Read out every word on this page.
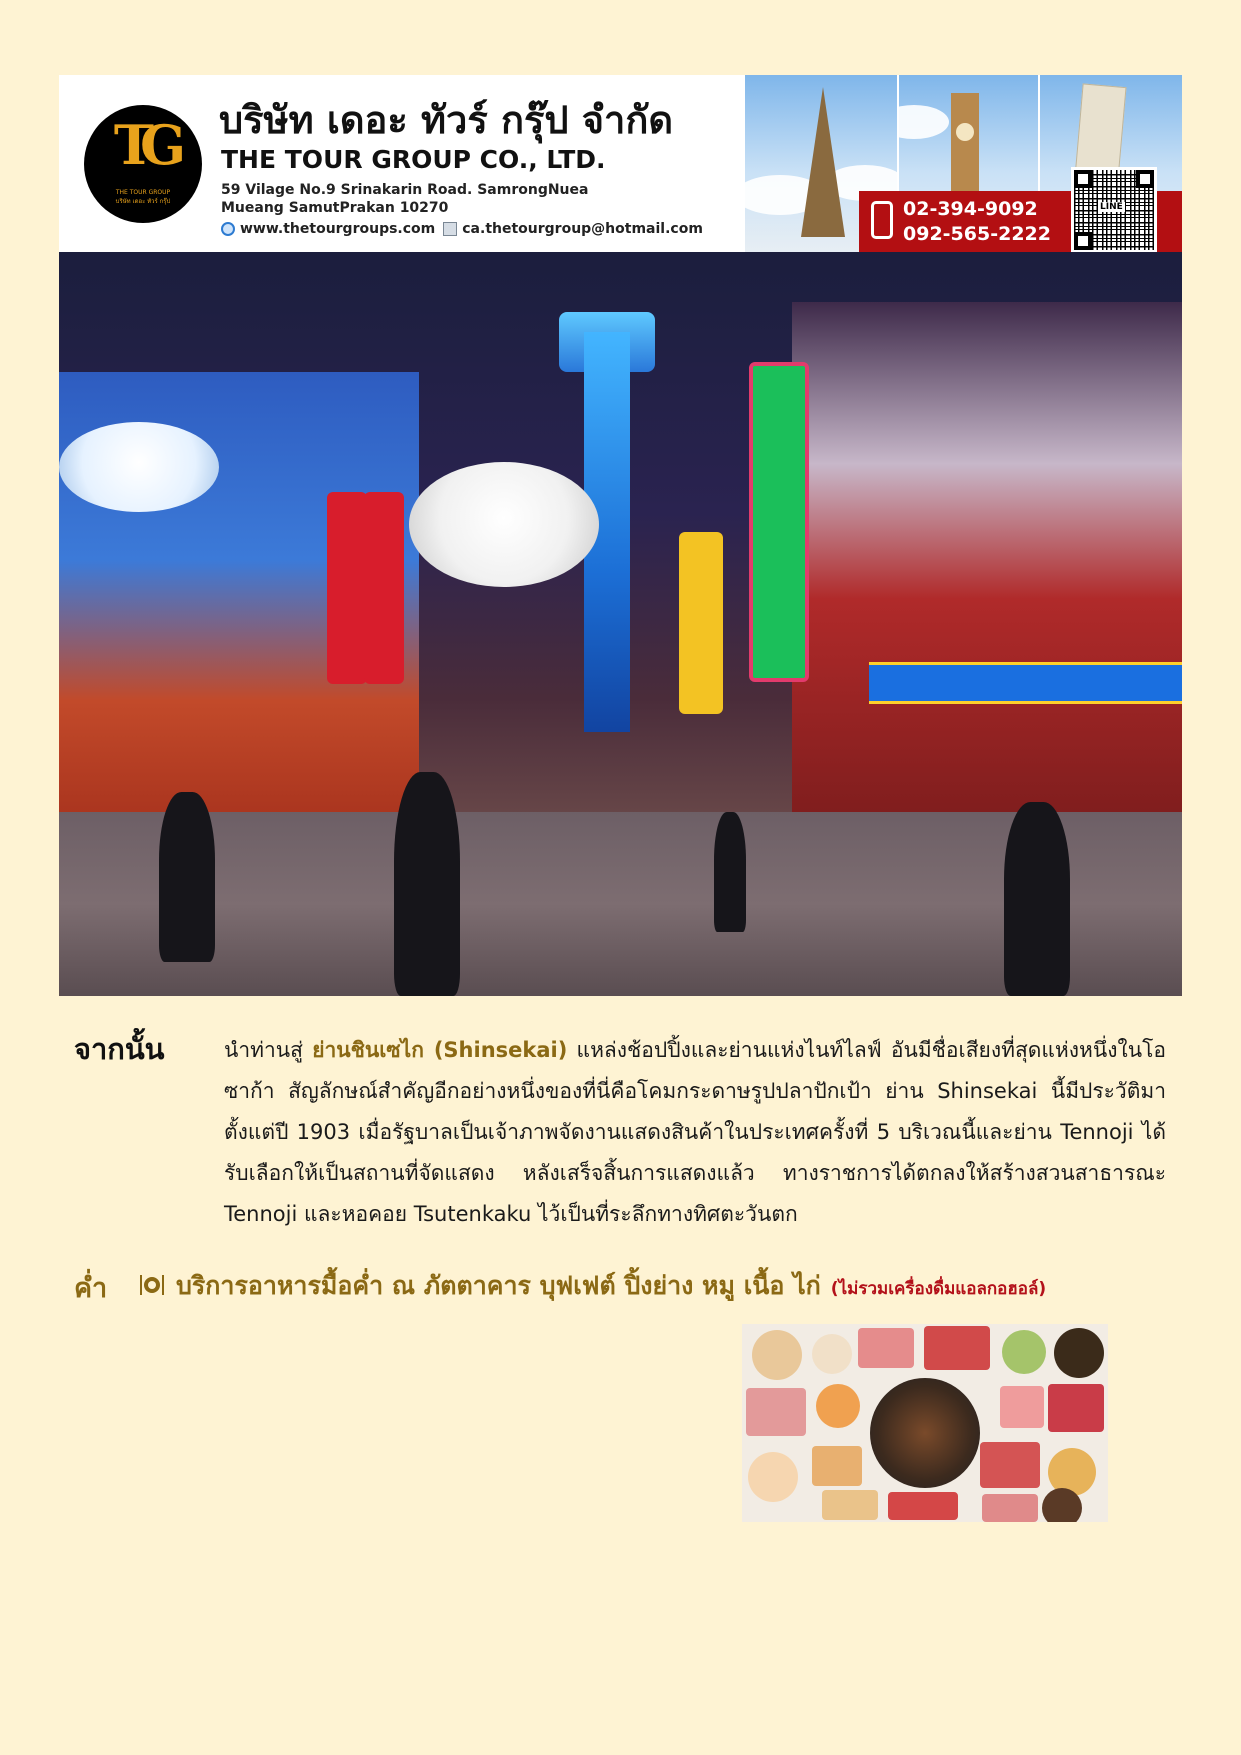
TG
THE TOUR GROUP
บริษัท เดอะ ทัวร์ กรุ๊ป
บริษัท เดอะ ทัวร์ กรุ๊ป จำกัด
THE TOUR GROUP CO., LTD.
59 Vilage No.9 Srinakarin Road. SamrongNuea
Mueang SamutPrakan 10270
www.thetourgroups.com ca.thetourgroup@hotmail.com
02-394-9092
092-565-2222
LINE
จากนั้น	นำท่านสู่ ย่านชินเซไก (Shinsekai) แหล่งช้อปปิ้งและย่านแห่งไนท์ไลฟ์ อันมีชื่อเสียงที่สุดแห่งหนึ่งในโอซาก้า สัญลักษณ์สำคัญอีกอย่างหนึ่งของที่นี่คือโคมกระดาษรูปปลาปักเป้า ย่าน Shinsekai นี้มีประวัติมาตั้งแต่ปี 1903 เมื่อรัฐบาลเป็นเจ้าภาพจัดงานแสดงสินค้าในประเทศครั้งที่ 5 บริเวณนี้และย่าน Tennoji ได้รับเลือกให้เป็นสถานที่จัดแสดง หลังเสร็จสิ้นการแสดงแล้ว ทางราชการได้ตกลงให้สร้างสวนสาธารณะ Tennoji และหอคอย Tsutenkaku ไว้เป็นที่ระลึกทางทิศตะวันตก
ค่ำ	บริการอาหารมื้อค่ำ ณ ภัตตาคาร บุฟเฟต์ ปิ้งย่าง หมู เนื้อ ไก่ (ไม่รวมเครื่องดื่มแอลกอฮอล์)
